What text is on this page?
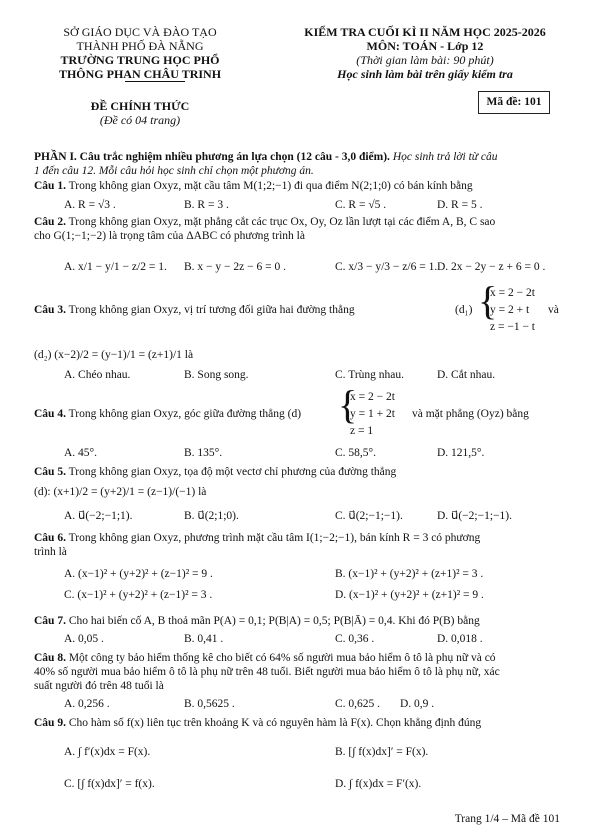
SỞ GIÁO DỤC VÀ ĐÀO TẠO
THÀNH PHỐ ĐÀ NẴNG
TRƯỜNG TRUNG HỌC PHỔ
THÔNG PHAN CHÂU TRINH
ĐỀ CHÍNH THỨC
(Đề có 04 trang)
KIỂM TRA CUỐI KÌ II NĂM HỌC 2025-2026
MÔN: TOÁN - Lớp 12
(Thời gian làm bài: 90 phút)
Học sinh làm bài trên giấy kiểm tra
Mã đề: 101
PHẦN I. Câu trắc nghiệm nhiều phương án lựa chọn (12 câu - 3,0 điểm). Học sinh trả lời từ câu
1 đến câu 12. Mỗi câu hỏi học sinh chỉ chọn một phương án.
Câu 1. Trong không gian Oxyz, mặt cầu tâm M(1;2;−1) đi qua điểm N(2;1;0) có bán kính bằng
A. R = √3 .	B. R = 3 .	C. R = √5 .	D. R = 5 .
Câu 2. Trong không gian Oxyz, mặt phẳng cắt các trục Ox, Oy, Oz lần lượt tại các điểm A, B, C sao
cho G(1;−1;−2) là trọng tâm của ΔABC có phương trình là
A. x/1 − y/1 − z/2 = 1. B. x − y − 2z − 6 = 0 .	C. x/3 − y/3 − z/6 = 1. D. 2x − 2y − z + 6 = 0 .
Câu 3. Trong không gian Oxyz, vị trí tương đối giữa hai đường thẳng	(d₁) {
x = 2 − 2t
y = 2 + t
z = −1 − t
và
(d₂) (x−2)/2 = (y−1)/1 = (z+1)/1 là
A. Chéo nhau.	B. Song song.	C. Trùng nhau.	D. Cắt nhau.
Câu 4. Trong không gian Oxyz, góc giữa đường thẳng (d) {
x = 2 − 2t
y = 1 + 2t
z = 1
và mặt phẳng (Oyz) bằng
A. 45°.	B. 135°.	C. 58,5°.	D. 121,5°.
Câu 5. Trong không gian Oxyz, tọa độ một vectơ chỉ phương của đường thẳng
(d): (x+1)/2 = (y+2)/1 = (z−1)/(−1) là
A. u⃗(−2;−1;1).	B. u⃗(2;1;0).	C. u⃗(2;−1;−1).	D. u⃗(−2;−1;−1).
Câu 6. Trong không gian Oxyz, phương trình mặt cầu tâm I(1;−2;−1), bán kính R = 3 có phương
trình là
A. (x−1)² + (y+2)² + (z−1)² = 9 .	B. (x−1)² + (y+2)² + (z+1)² = 3 .
C. (x−1)² + (y+2)² + (z−1)² = 3 .	D. (x−1)² + (y+2)² + (z+1)² = 9 .
Câu 7. Cho hai biến cố A, B thoả mãn P(A) = 0,1; P(B|A) = 0,5; P(B|Ā) = 0,4. Khi đó P(B) bằng
A. 0,05 .	B. 0,41 .	C. 0,36 .	D. 0,018 .
Câu 8. Một công ty bảo hiểm thống kê cho biết có 64% số người mua bảo hiểm ô tô là phụ nữ và có
40% số người mua bảo hiểm ô tô là phụ nữ trên 48 tuổi. Biết người mua bảo hiểm ô tô là phụ nữ, xác
suất người đó trên 48 tuổi là
A. 0,256 .	B. 0,5625 .	C. 0,625 . D. 0,9 .
Câu 9. Cho hàm số f(x) liên tục trên khoảng K và có nguyên hàm là F(x). Chọn khẳng định đúng
A. ∫ f′(x)dx = F(x).	B. [∫ f(x)dx]′ = F(x).
C. [∫ f(x)dx]′ = f(x).	D. ∫ f(x)dx = F′(x).
Trang 1/4 – Mã đề 101
